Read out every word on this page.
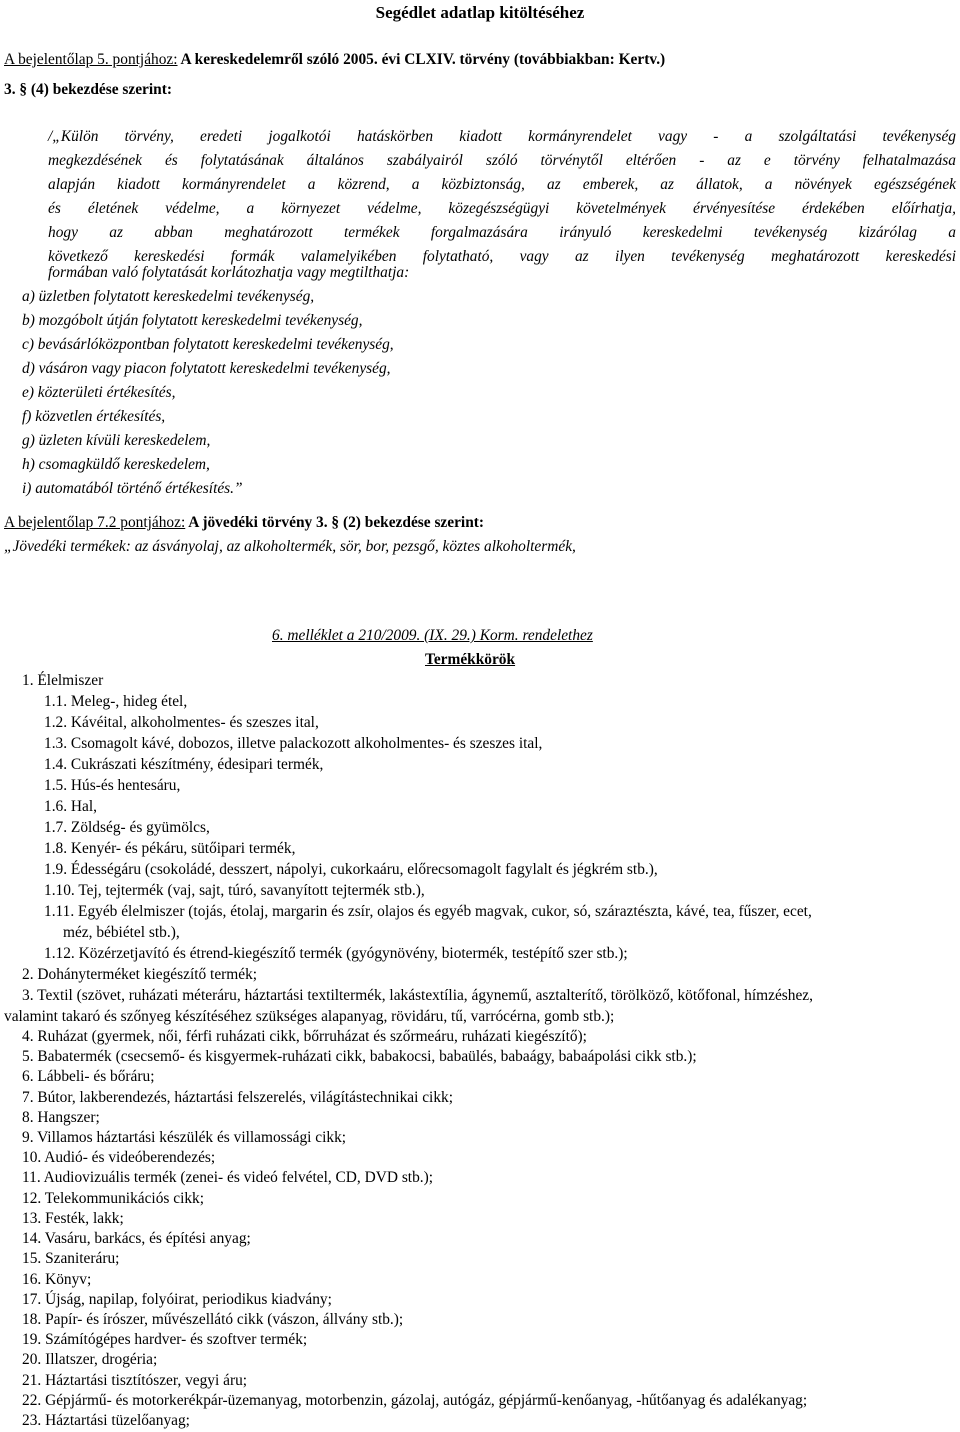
Segédlet adatlap kitöltéséhez
A bejelentőlap 5. pontjához: A kereskedelemről szóló 2005. évi CLXIV. törvény (továbbiakban: Kertv.)
3. § (4) bekezdése szerint:
/„Külön törvény, eredeti jogalkotói hatáskörben kiadott kormányrendelet vagy - a szolgáltatási tevékenység
megkezdésének és folytatásának általános szabályairól szóló törvénytől eltérően - az e törvény felhatalmazása
alapján kiadott kormányrendelet a közrend, a közbiztonság, az emberek, az állatok, a növények egészségének
és életének védelme, a környezet védelme, közegészségügyi követelmények érvényesítése érdekében előírhatja,
hogy az abban meghatározott termékek forgalmazására irányuló kereskedelmi tevékenység kizárólag a
következő kereskedési formák valamelyikében folytatható, vagy az ilyen tevékenység meghatározott kereskedési
formában való folytatását korlátozhatja vagy megtilthatja:
a) üzletben folytatott kereskedelmi tevékenység,
b) mozgóbolt útján folytatott kereskedelmi tevékenység,
c) bevásárlóközpontban folytatott kereskedelmi tevékenység,
d) vásáron vagy piacon folytatott kereskedelmi tevékenység,
e) közterületi értékesítés,
f) közvetlen értékesítés,
g) üzleten kívüli kereskedelem,
h) csomagküldő kereskedelem,
i) automatából történő értékesítés.”
A bejelentőlap 7.2 pontjához: A jövedéki törvény 3. § (2) bekezdése szerint:
„Jövedéki termékek: az ásványolaj, az alkoholtermék, sör, bor, pezsgő, köztes alkoholtermék,
6. melléklet a 210/2009. (IX. 29.) Korm. rendelethez
Termékkörök
1. Élelmiszer
1.1. Meleg-, hideg étel,
1.2. Kávéital, alkoholmentes- és szeszes ital,
1.3. Csomagolt kávé, dobozos, illetve palackozott alkoholmentes- és szeszes ital,
1.4. Cukrászati készítmény, édesipari termék,
1.5. Hús-és hentesáru,
1.6. Hal,
1.7. Zöldség- és gyümölcs,
1.8. Kenyér- és pékáru, sütőipari termék,
1.9. Édességáru (csokoládé, desszert, nápolyi, cukorkaáru, előrecsomagolt fagylalt és jégkrém stb.),
1.10. Tej, tejtermék (vaj, sajt, túró, savanyított tejtermék stb.),
1.11. Egyéb élelmiszer (tojás, étolaj, margarin és zsír, olajos és egyéb magvak, cukor, só, száraztészta, kávé, tea, fűszer, ecet,
méz, bébiétel stb.),
1.12. Közérzetjavító és étrend-kiegészítő termék (gyógynövény, biotermék, testépítő szer stb.);
2. Dohányterméket kiegészítő termék;
3. Textil (szövet, ruházati méteráru, háztartási textiltermék, lakástextília, ágynemű, asztalterítő, törölköző, kötőfonal, hímzéshez,
valamint takaró és szőnyeg készítéséhez szükséges alapanyag, rövidáru, tű, varrócérna, gomb stb.);
4. Ruházat (gyermek, női, férfi ruházati cikk, bőrruházat és szőrmeáru, ruházati kiegészítő);
5. Babatermék (csecsemő- és kisgyermek-ruházati cikk, babakocsi, babaülés, babaágy, babaápolási cikk stb.);
6. Lábbeli- és bőráru;
7. Bútor, lakberendezés, háztartási felszerelés, világítástechnikai cikk;
8. Hangszer;
9. Villamos háztartási készülék és villamossági cikk;
10. Audió- és videóberendezés;
11. Audiovizuális termék (zenei- és videó felvétel, CD, DVD stb.);
12. Telekommunikációs cikk;
13. Festék, lakk;
14. Vasáru, barkács, és építési anyag;
15. Szaniteráru;
16. Könyv;
17. Újság, napilap, folyóirat, periodikus kiadvány;
18. Papír- és írószer, művészellátó cikk (vászon, állvány stb.);
19. Számítógépes hardver- és szoftver termék;
20. Illatszer, drogéria;
21. Háztartási tisztítószer, vegyi áru;
22. Gépjármű- és motorkerékpár-üzemanyag, motorbenzin, gázolaj, autógáz, gépjármű-kenőanyag, -hűtőanyag és adalékanyag;
23. Háztartási tüzelőanyag;
